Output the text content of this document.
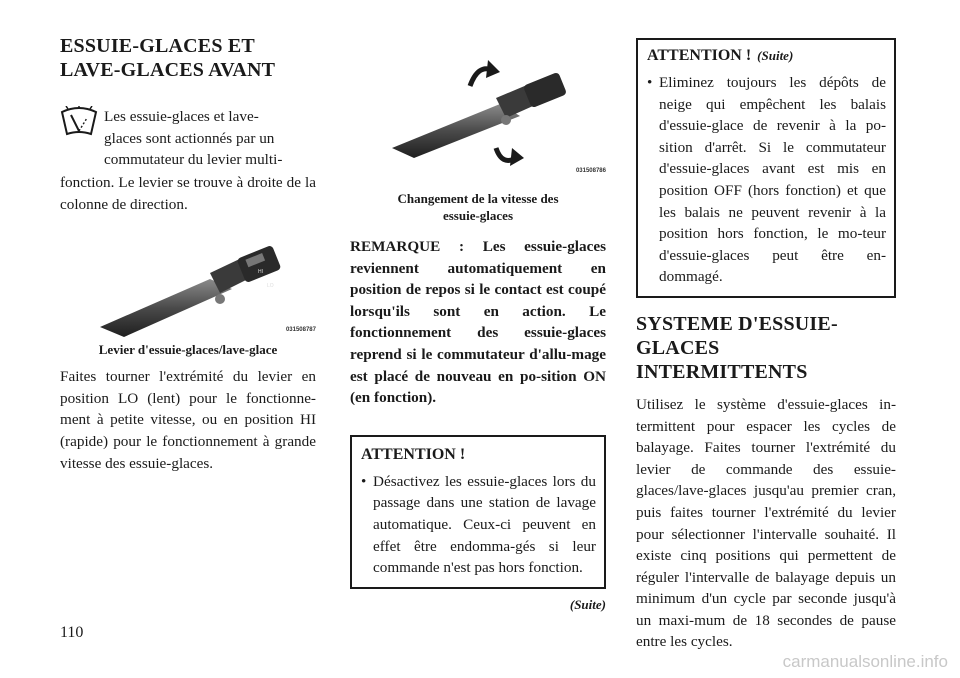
ESSUIE-GLACES ET
LAVE-GLACES AVANT

Les essuie-glaces et lave-
glaces sont actionnés par un
commutateur du levier multi-

fonction. Le levier se trouve à droite de la colonne de direction.

HI
LO
031508787

Levier d'essuie-glaces/lave-glace

Faites tourner l'extrémité du levier en position LO (lent) pour le fonctionne-ment à petite vitesse, ou en position HI (rapide) pour le fonctionnement à grande vitesse des essuie-glaces.

031508786

Changement de la vitesse des
essuie-glaces

REMARQUE : Les essuie-glaces reviennent automatiquement en position de repos si le contact est coupé lorsqu'ils sont en action. Le fonctionnement des essuie-glaces reprend si le commutateur d'allu-mage est placé de nouveau en po-sition ON (en fonction).

ATTENTION !
• Désactivez les essuie-glaces lors du passage dans une station de lavage automatique. Ceux-ci peuvent en effet être endomma-gés si leur commande n'est pas hors fonction.
(Suite)
ATTENTION ! (Suite)
• Eliminez toujours les dépôts de neige qui empêchent les balais d'essuie-glace de revenir à la po-sition d'arrêt. Si le commutateur d'essuie-glaces avant est mis en position OFF (hors fonction) et que les balais ne peuvent revenir à la position hors fonction, le mo-teur d'essuie-glaces peut être en-dommagé.
SYSTEME D'ESSUIE-
GLACES INTERMITTENTS

Utilisez le système d'essuie-glaces in-termittent pour espacer les cycles de balayage. Faites tourner l'extrémité du levier de commande des essuie-glaces/lave-glaces jusqu'au premier cran, puis faites tourner l'extrémité du levier pour sélectionner l'intervalle souhaité. Il existe cinq positions qui permettent de réguler l'intervalle de balayage depuis un minimum d'un cycle par seconde jusqu'à un maxi-mum de 18 secondes de pause entre les cycles.

110
carmanualsonline.info
